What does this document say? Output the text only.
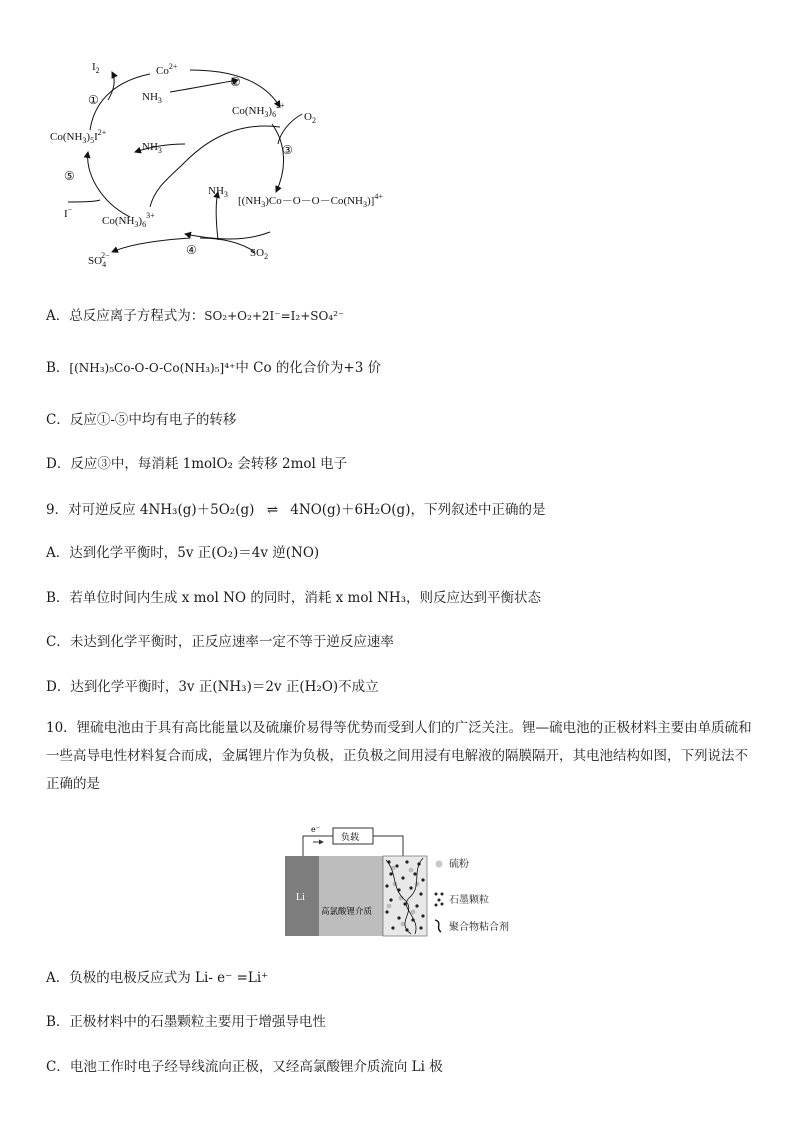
$I_2$	$Co^{2+}$
①
②
$NH_3$
$Co(NH_3)_6^{2+}$
$O_2$
$Co(NH_3)_5I^{2+}$
$NH_3$	③
⑤
$NH_3$
$[(NH_3)Co-O-O-Co(NH_3)]^{4+}$
I−
$Co(NH_3)_6^{3+}$
④
$SO_42-$	$SO_2$
A．总反应离子方程式为：SO₂+O₂+2I⁻=I₂+SO₄²⁻
B．[(NH₃)₅Co-O-O-Co(NH₃)₅]⁴⁺中 Co 的化合价为+3 价
C．反应①-⑤中均有电子的转移
D．反应③中，每消耗 1molO₂ 会转移 2mol 电子
9．对可逆反应 4NH₃(g)＋5O₂(g) ⇌ 4NO(g)＋6H₂O(g)，下列叙述中正确的是
A．达到化学平衡时，5v 正(O₂)＝4v 逆(NO)
B．若单位时间内生成 x mol NO 的同时，消耗 x mol NH₃，则反应达到平衡状态
C．未达到化学平衡时，正反应速率一定不等于逆反应速率
D．达到化学平衡时，3v 正(NH₃)＝2v 正(H₂O)不成立
10．锂硫电池由于具有高比能量以及硫廉价易得等优势而受到人们的广泛关注。锂—硫电池的正极材料主要由单质硫和一些高导电性材料复合而成，金属锂片作为负极，正负极之间用浸有电解液的隔膜隔开，其电池结构如图，下列说法不正确的是
负载
e⁻
Li
高氯酸锂介质
硫粉
石墨颗粒
聚合物粘合剂
A．负极的电极反应式为 Li- e⁻ =Li⁺
B．正极材料中的石墨颗粒主要用于增强导电性
C．电池工作时电子经导线流向正极，又经高氯酸锂介质流向 Li 极
